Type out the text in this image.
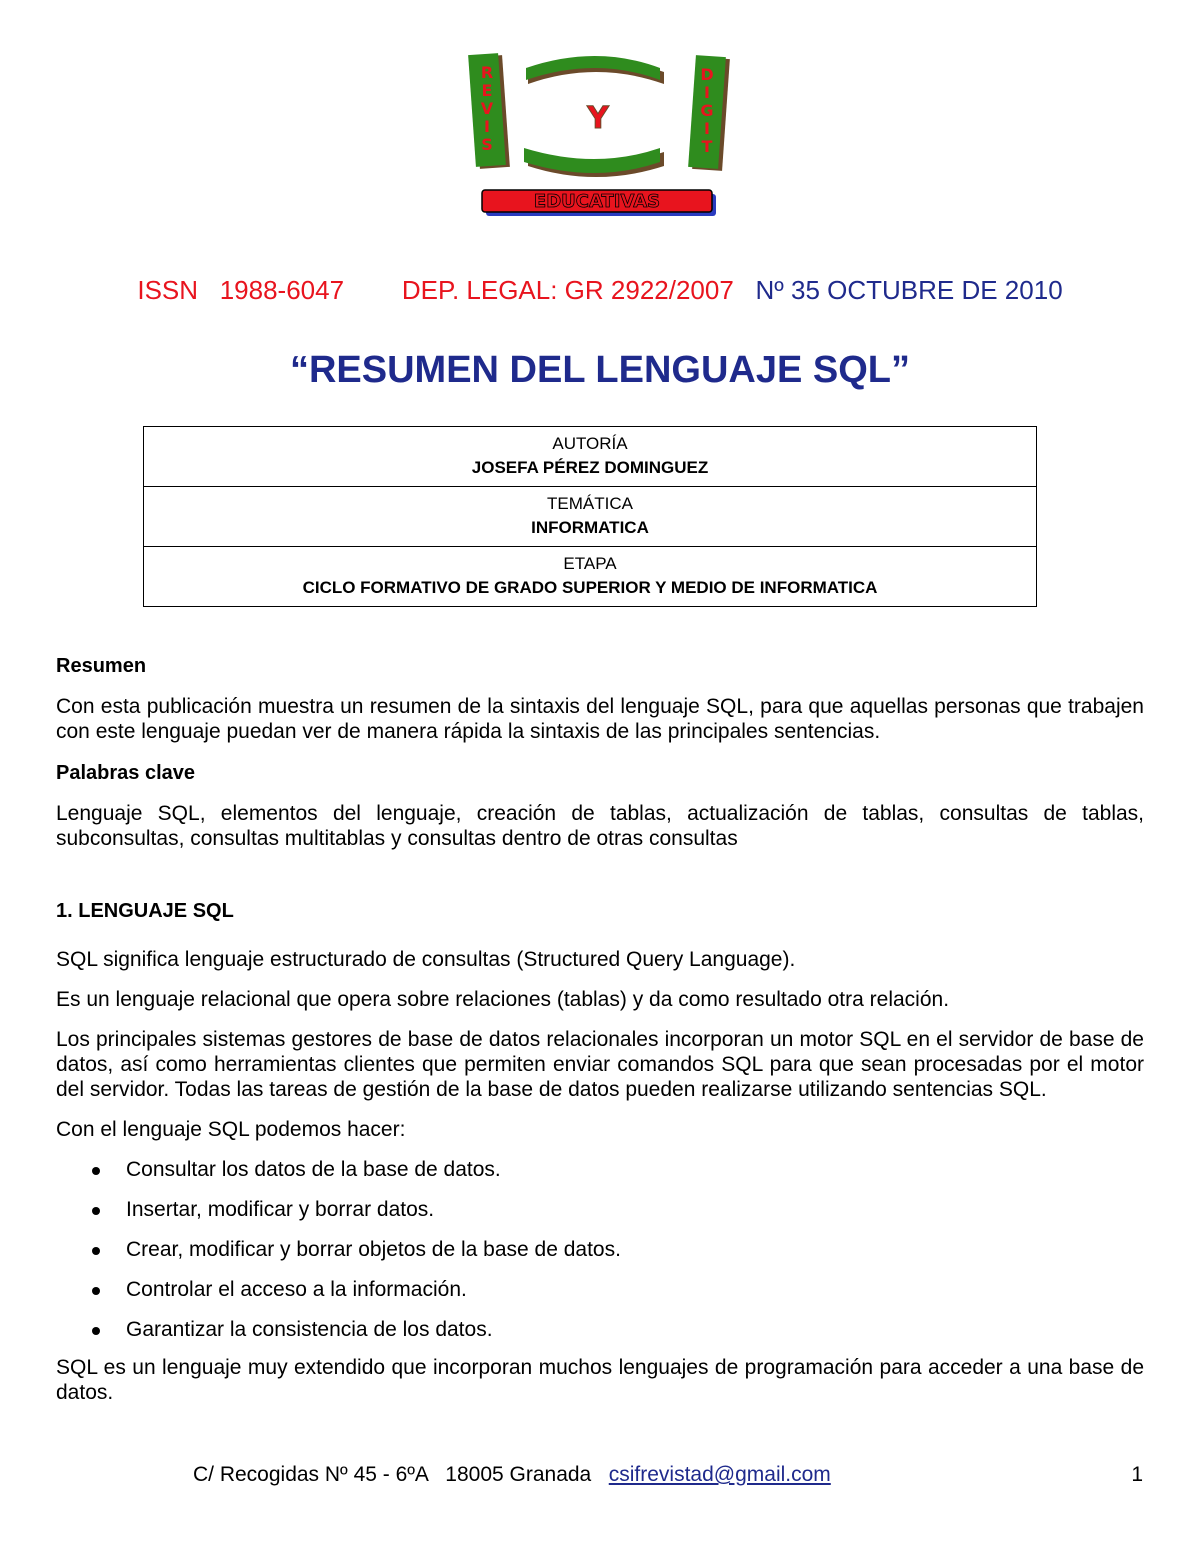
R
E
V
I
S
D
I
G
I
T
Y
EDUCATIVAS
ISSN   1988-6047 DEP. LEGAL: GR 2922/2007 Nº 35 OCTUBRE DE 2010
“RESUMEN DEL LENGUAJE SQL”
AUTORÍA
JOSEFA PÉREZ DOMINGUEZ

TEMÁTICA
INFORMATICA

ETAPA
CICLO FORMATIVO DE GRADO SUPERIOR Y MEDIO DE INFORMATICA
Resumen

Con esta publicación muestra un resumen de la sintaxis del lenguaje SQL, para que aquellas personas que trabajen con este lenguaje puedan ver de manera rápida la sintaxis de las principales sentencias.

Palabras clave

Lenguaje SQL, elementos del lenguaje, creación de tablas, actualización de tablas, consultas de tablas, subconsultas, consultas multitablas y consultas dentro de otras consultas

1. LENGUAJE SQL

SQL significa lenguaje estructurado de consultas (Structured Query Language).

Es un lenguaje relacional que opera sobre relaciones (tablas) y da como resultado otra relación.

Los principales sistemas gestores de base de datos relacionales incorporan un motor SQL en el servidor de base de datos, así como herramientas clientes que permiten enviar comandos SQL para que sean procesadas por el motor del servidor. Todas las tareas de gestión de la base de datos pueden realizarse utilizando sentencias SQL.

Con el lenguaje SQL podemos hacer:

Consultar los datos de la base de datos.
Insertar, modificar y borrar datos.
Crear, modificar y borrar objetos de la base de datos.
Controlar el acceso a la información.
Garantizar la consistencia de los datos.

SQL es un lenguaje muy extendido que incorporan muchos lenguajes de programación para acceder a una base de datos.

C/ Recogidas Nº 45 - 6ºA   18005 Granada   csifrevistad@gmail.com	1
